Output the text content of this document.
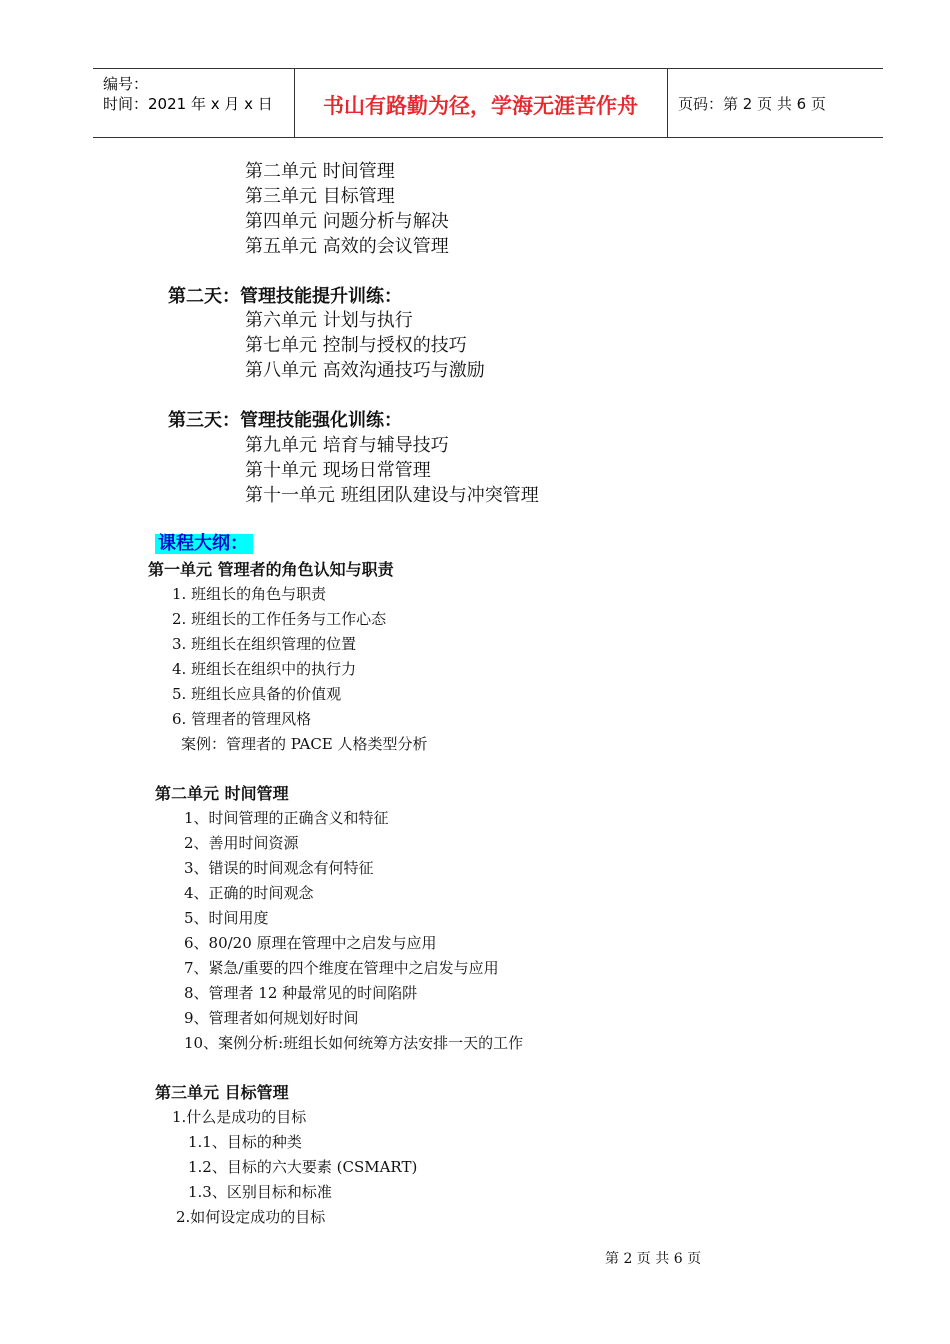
编号：
时间：2021 年 x 月 x 日	书山有路勤为径，学海无涯苦作舟	页码：第 2 页 共 6 页
第二单元 时间管理
第三单元 目标管理
第四单元 问题分析与解决
第五单元 高效的会议管理
第二天：管理技能提升训练：
第六单元 计划与执行
第七单元 控制与授权的技巧
第八单元 高效沟通技巧与激励
第三天：管理技能强化训练：
第九单元 培育与辅导技巧
第十单元 现场日常管理
第十一单元 班组团队建设与冲突管理
课程大纲：
第一单元 管理者的角色认知与职责
1. 班组长的角色与职责
2. 班组长的工作任务与工作心态
3. 班组长在组织管理的位置
4. 班组长在组织中的执行力
5. 班组长应具备的价值观
6. 管理者的管理风格
案例：管理者的 PACE 人格类型分析
第二单元 时间管理
1、时间管理的正确含义和特征
2、善用时间资源
3、错误的时间观念有何特征
4、正确的时间观念
5、时间用度
6、80/20 原理在管理中之启发与应用
7、紧急/重要的四个维度在管理中之启发与应用
8、管理者 12 种最常见的时间陷阱
9、管理者如何规划好时间
10、案例分析:班组长如何统筹方法安排一天的工作
第三单元 目标管理
1.什么是成功的目标
1.1、目标的种类
1.2、目标的六大要素 (CSMART)
1.3、区别目标和标准
2.如何设定成功的目标
第 2 页 共 6 页
